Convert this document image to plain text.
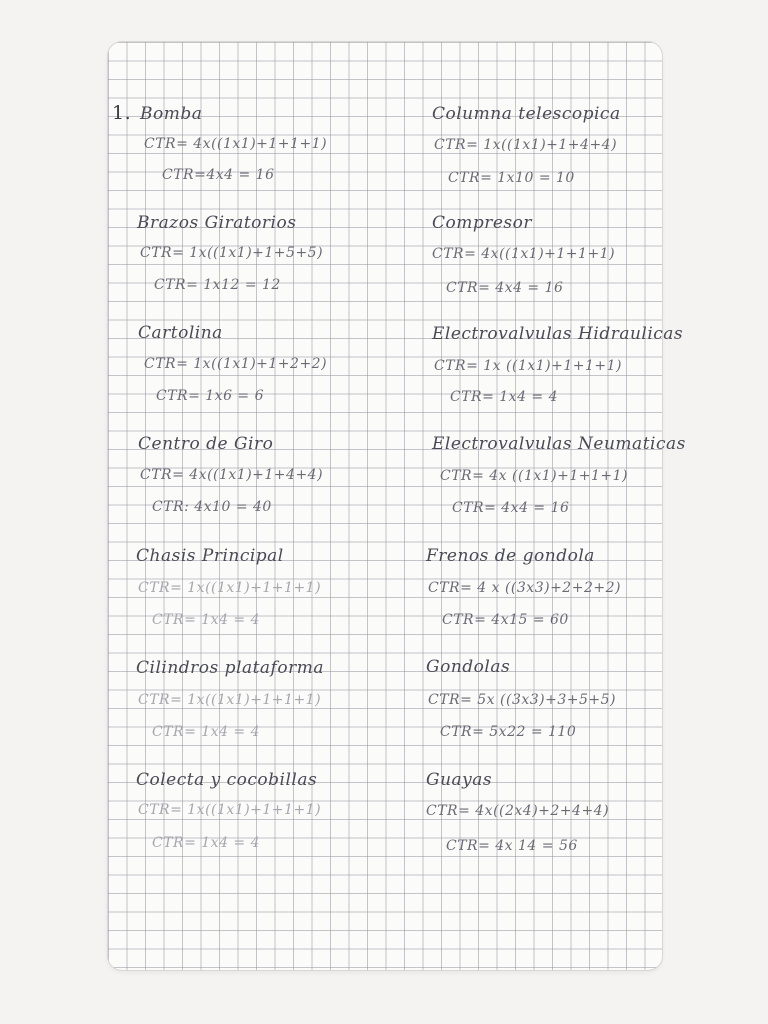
1. Bomba
CTR= 4x((1x1)+1+1+1)
CTR=4x4 = 16
Brazos Giratorios
CTR= 1x((1x1)+1+5+5)
CTR= 1x12 = 12
Cartolina
CTR= 1x((1x1)+1+2+2)
CTR= 1x6 = 6
Centro de Giro
CTR= 4x((1x1)+1+4+4)
CTR: 4x10 = 40
Chasis Principal
CTR= 1x((1x1)+1+1+1)
CTR= 1x4 = 4
Cilindros plataforma
CTR= 1x((1x1)+1+1+1)
CTR= 1x4 = 4
Colecta y cocobillas
CTR= 1x((1x1)+1+1+1)
CTR= 1x4 = 4
Columna telescopica
CTR= 1x((1x1)+1+4+4)
CTR= 1x10 = 10
Compresor
CTR= 4x((1x1)+1+1+1)
CTR= 4x4 = 16
Electrovalvulas Hidraulicas
CTR= 1x ((1x1)+1+1+1)
CTR= 1x4 = 4
Electrovalvulas Neumaticas
CTR= 4x ((1x1)+1+1+1)
CTR= 4x4 = 16
Frenos de gondola
CTR= 4 x ((3x3)+2+2+2)
CTR= 4x15 = 60
Gondolas
CTR= 5x ((3x3)+3+5+5)
CTR= 5x22 = 110
Guayas
CTR= 4x((2x4)+2+4+4)
CTR= 4x 14 = 56
